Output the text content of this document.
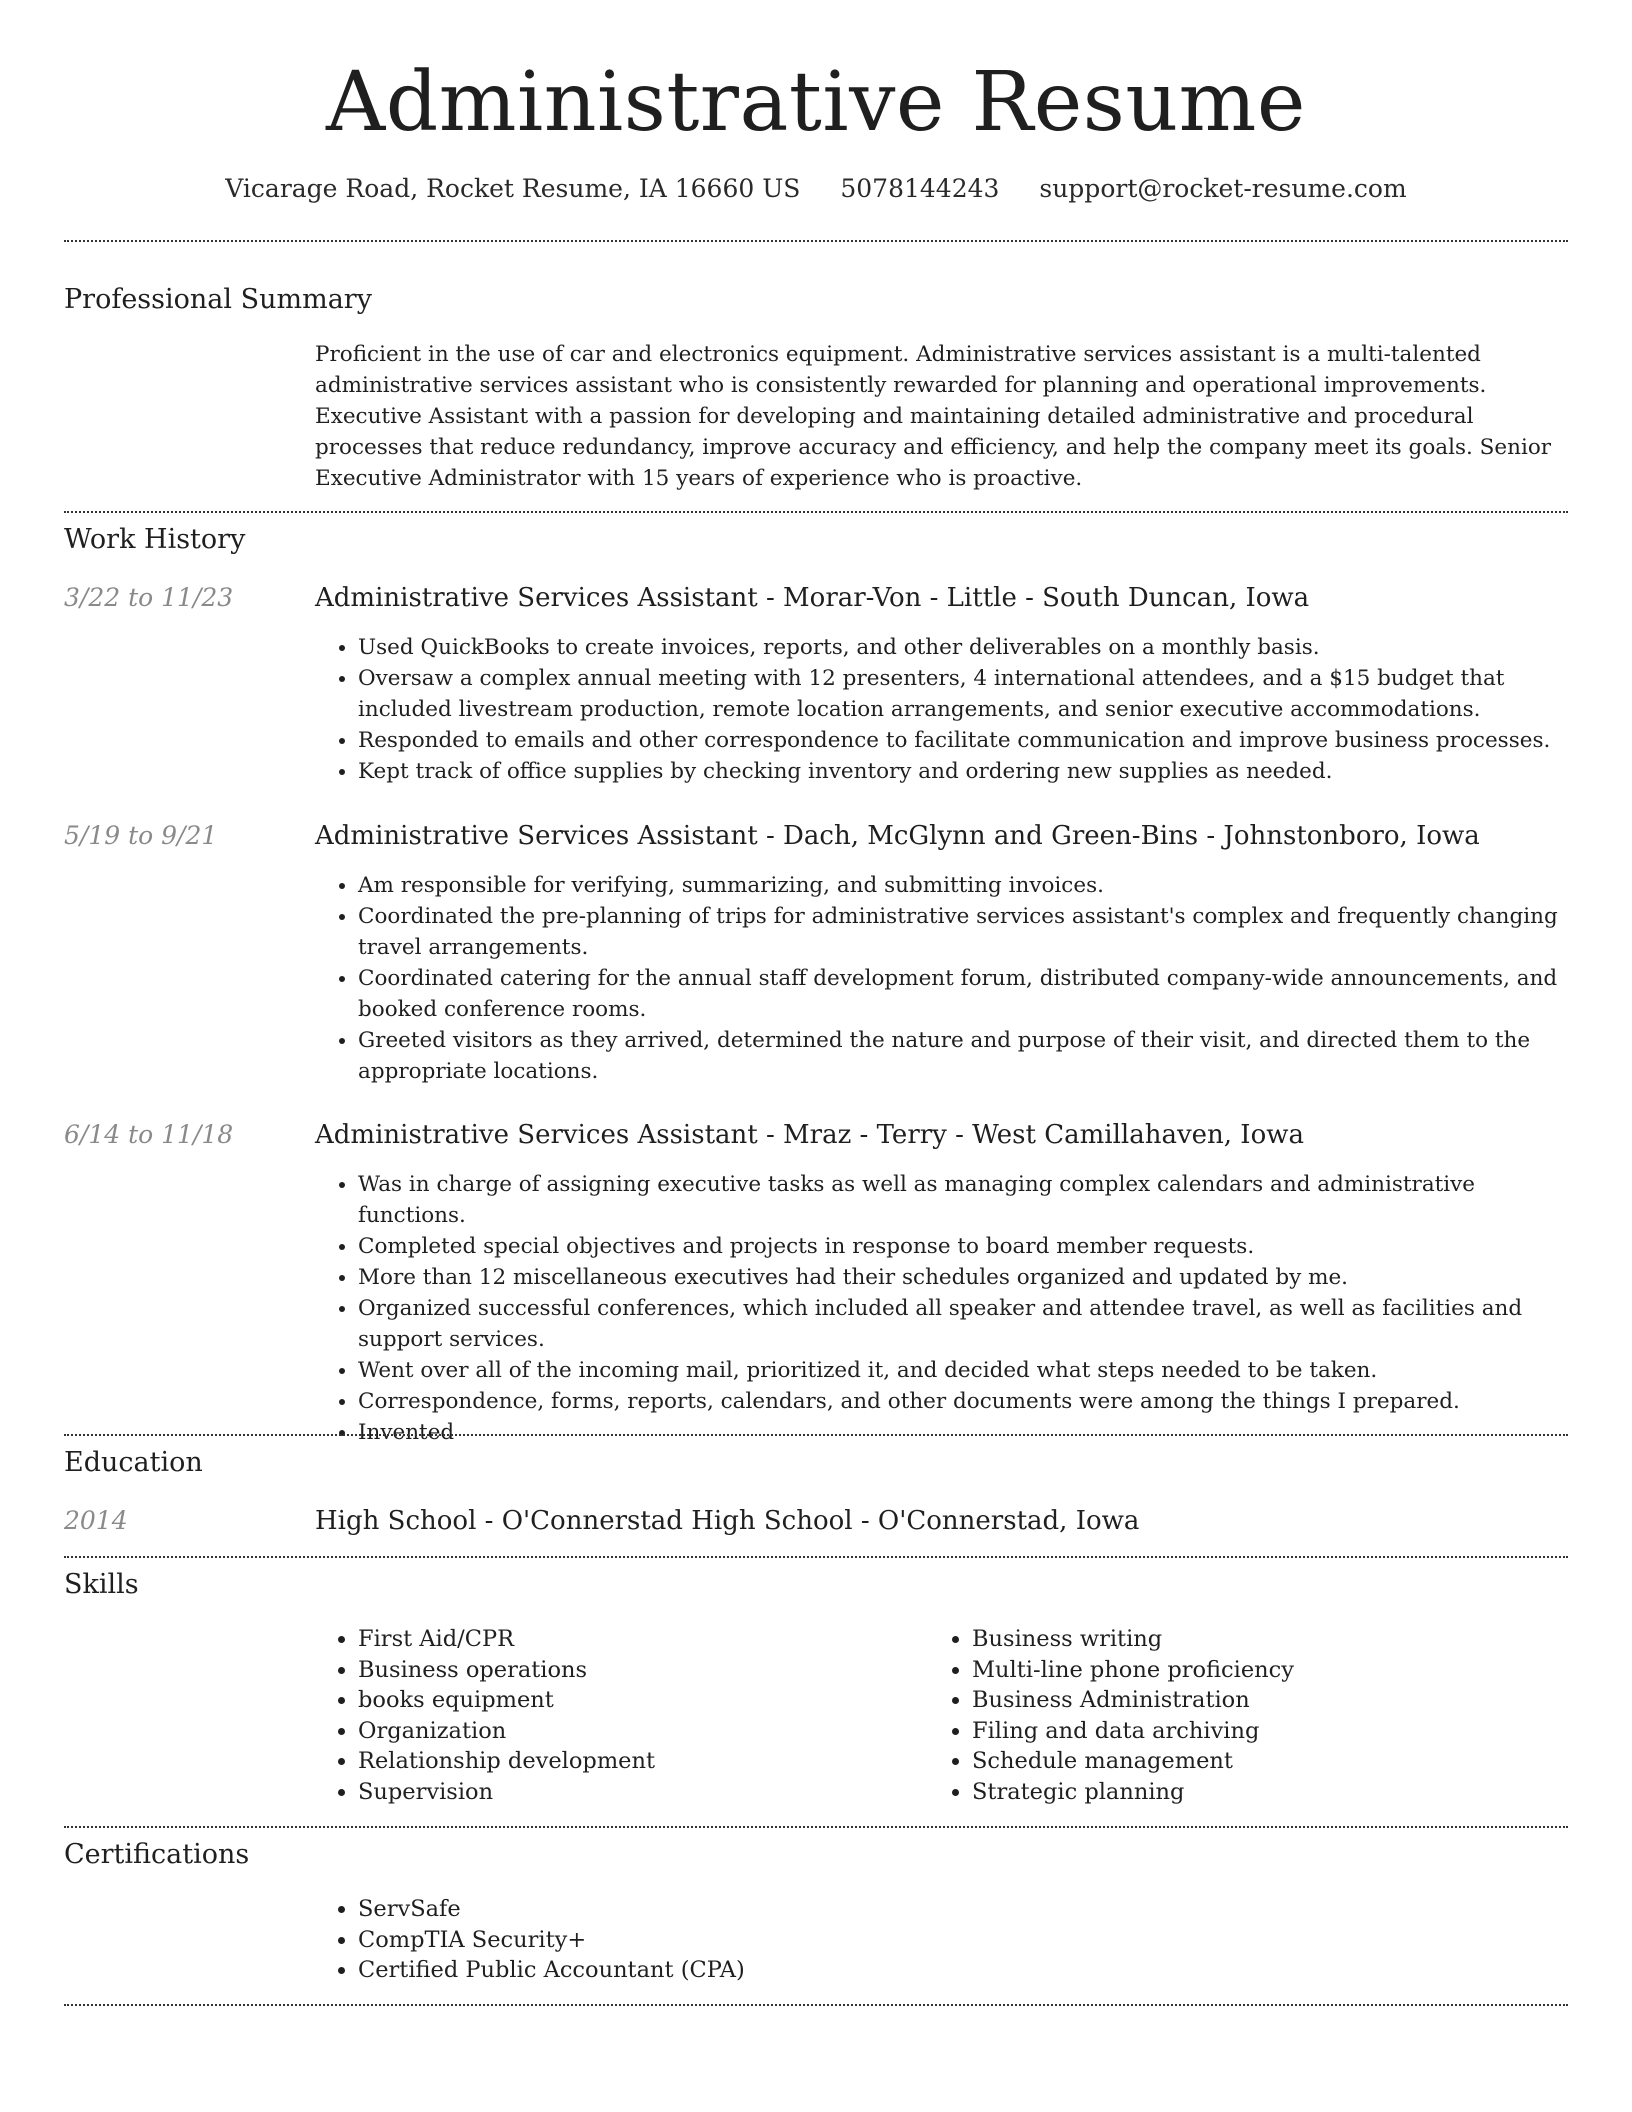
Administrative Resume
Vicarage Road, Rocket Resume, IA 16660 US 5078144243 support@rocket-resume.com
Professional Summary

Proficient in the use of car and electronics equipment. Administrative services assistant is a multi-talented administrative services assistant who is consistently rewarded for planning and operational improvements. Executive Assistant with a passion for developing and maintaining detailed administrative and procedural processes that reduce redundancy, improve accuracy and efficiency, and help the company meet its goals. Senior Executive Administrator with 15 years of experience who is proactive.

Work History
3/22 to 11/23	Administrative Services Assistant - Morar-Von - Little - South Duncan, Iowa
• Used QuickBooks to create invoices, reports, and other deliverables on a monthly basis.
• Oversaw a complex annual meeting with 12 presenters, 4 international attendees, and a $15 budget that included livestream production, remote location arrangements, and senior executive accommodations.
• Responded to emails and other correspondence to facilitate communication and improve business processes.
• Kept track of office supplies by checking inventory and ordering new supplies as needed.
5/19 to 9/21	Administrative Services Assistant - Dach, McGlynn and Green-Bins - Johnstonboro, Iowa
• Am responsible for verifying, summarizing, and submitting invoices.
• Coordinated the pre-planning of trips for administrative services assistant's complex and frequently changing travel arrangements.
• Coordinated catering for the annual staff development forum, distributed company-wide announcements, and booked conference rooms.
• Greeted visitors as they arrived, determined the nature and purpose of their visit, and directed them to the appropriate locations.
6/14 to 11/18	Administrative Services Assistant - Mraz - Terry - West Camillahaven, Iowa
• Was in charge of assigning executive tasks as well as managing complex calendars and administrative functions.
• Completed special objectives and projects in response to board member requests.
• More than 12 miscellaneous executives had their schedules organized and updated by me.
• Organized successful conferences, which included all speaker and attendee travel, as well as facilities and support services.
• Went over all of the incoming mail, prioritized it, and decided what steps needed to be taken.
• Correspondence, forms, reports, calendars, and other documents were among the things I prepared.
• Invented
Education
2014	High School - O'Connerstad High School - O'Connerstad, Iowa
Skills
• First Aid/CPR
• Business operations
• books equipment
• Organization
• Relationship development
• Supervision
• Business writing
• Multi-line phone proficiency
• Business Administration
• Filing and data archiving
• Schedule management
• Strategic planning
Certifications
• ServSafe
• CompTIA Security+
• Certified Public Accountant (CPA)
